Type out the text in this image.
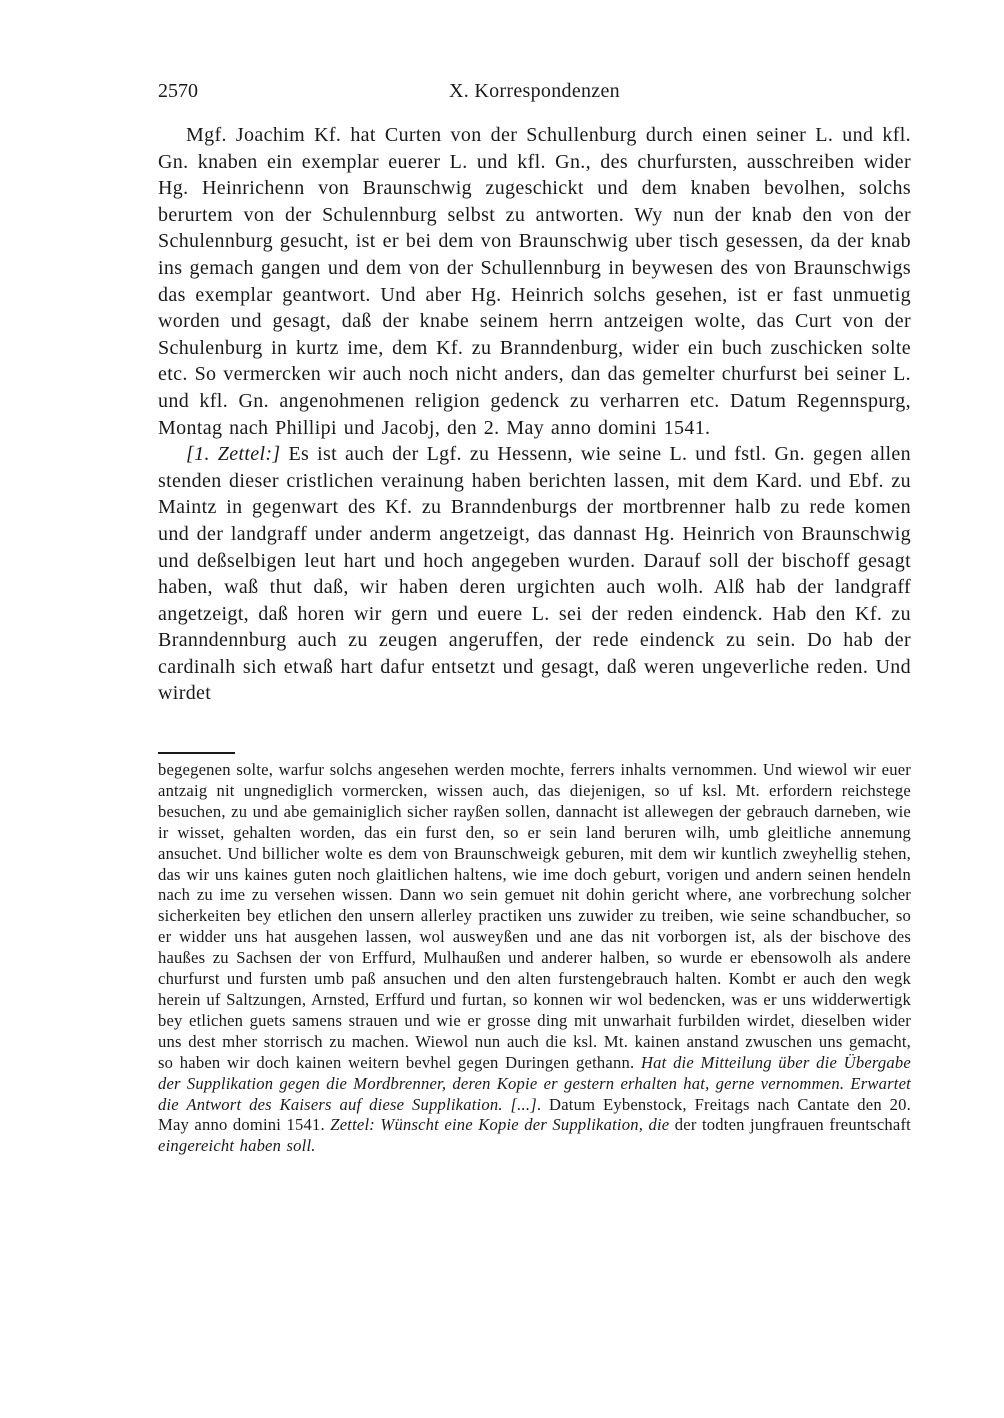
2570	X. Korrespondenzen

Mgf. Joachim Kf. hat Curten von der Schullenburg durch einen seiner L. und kfl. Gn. knaben ein exemplar euerer L. und kfl. Gn., des churfursten, ausschreiben wider Hg. Heinrichenn von Braunschwig zugeschickt und dem knaben bevolhen, solchs berurtem von der Schulennburg selbst zu antworten. Wy nun der knab den von der Schulennburg gesucht, ist er bei dem von Braunschwig uber tisch gesessen, da der knab ins gemach gangen und dem von der Schullennburg in beywesen des von Braunschwigs das exemplar geantwort. Und aber Hg. Heinrich solchs gesehen, ist er fast unmuetig worden und gesagt, daß der knabe seinem herrn antzeigen wolte, das Curt von der Schulenburg in kurtz ime, dem Kf. zu Branndenburg, wider ein buch zuschicken solte etc. So vermercken wir auch noch nicht anders, dan das gemelter churfurst bei seiner L. und kfl. Gn. angenohmenen religion gedenck zu verharren etc. Datum Regennspurg, Montag nach Phillipi und Jacobj, den 2. May anno domini 1541.

[1. Zettel:] Es ist auch der Lgf. zu Hessenn, wie seine L. und fstl. Gn. gegen allen stenden dieser cristlichen verainung haben berichten lassen, mit dem Kard. und Ebf. zu Maintz in gegenwart des Kf. zu Branndenburgs der mortbrenner halb zu rede komen und der landgraff under anderm angetzeigt, das dannast Hg. Heinrich von Braunschwig und deßselbigen leut hart und hoch angegeben wurden. Darauf soll der bischoff gesagt haben, waß thut daß, wir haben deren urgichten auch wolh. Alß hab der landgraff angetzeigt, daß horen wir gern und euere L. sei der reden eindenck. Hab den Kf. zu Branndennburg auch zu zeugen angeruffen, der rede eindenck zu sein. Do hab der cardinalh sich etwaß hart dafur entsetzt und gesagt, daß weren ungeverliche reden. Und wirdet

begegenen solte, warfur solchs angesehen werden mochte, ferrers inhalts vernommen. Und wiewol wir euer antzaig nit ungnediglich vormercken, wissen auch, das diejenigen, so uf ksl. Mt. erfordern reichstege besuchen, zu und abe gemainiglich sicher rayßen sollen, dannacht ist allewegen der gebrauch darneben, wie ir wisset, gehalten worden, das ein furst den, so er sein land beruren wilh, umb gleitliche annemung ansuchet. Und billicher wolte es dem von Braunschweigk geburen, mit dem wir kuntlich zweyhellig stehen, das wir uns kaines guten noch glaitlichen haltens, wie ime doch geburt, vorigen und andern seinen hendeln nach zu ime zu versehen wissen. Dann wo sein gemuet nit dohin gericht where, ane vorbrechung solcher sicherkeiten bey etlichen den unsern allerley practiken uns zuwider zu treiben, wie seine schandbucher, so er widder uns hat ausgehen lassen, wol ausweyßen und ane das nit vorborgen ist, als der bischove des haußes zu Sachsen der von Erffurd, Mulhaußen und anderer halben, so wurde er ebensowolh als andere churfurst und fursten umb paß ansuchen und den alten furstengebrauch halten. Kombt er auch den wegk herein uf Saltzungen, Arnsted, Erffurd und furtan, so konnen wir wol bedencken, was er uns widderwertigk bey etlichen guets samens strauen und wie er grosse ding mit unwarhait furbilden wirdet, dieselben wider uns dest mher storrisch zu machen. Wiewol nun auch die ksl. Mt. kainen anstand zwuschen uns gemacht, so haben wir doch kainen weitern bevhel gegen Duringen gethann. Hat die Mitteilung über die Übergabe der Supplikation gegen die Mordbrenner, deren Kopie er gestern erhalten hat, gerne vernommen. Erwartet die Antwort des Kaisers auf diese Supplikation. [...]. Datum Eybenstock, Freitags nach Cantate den 20. May anno domini 1541. Zettel: Wünscht eine Kopie der Supplikation, die der todten jungfrauen freuntschaft eingereicht haben soll.
